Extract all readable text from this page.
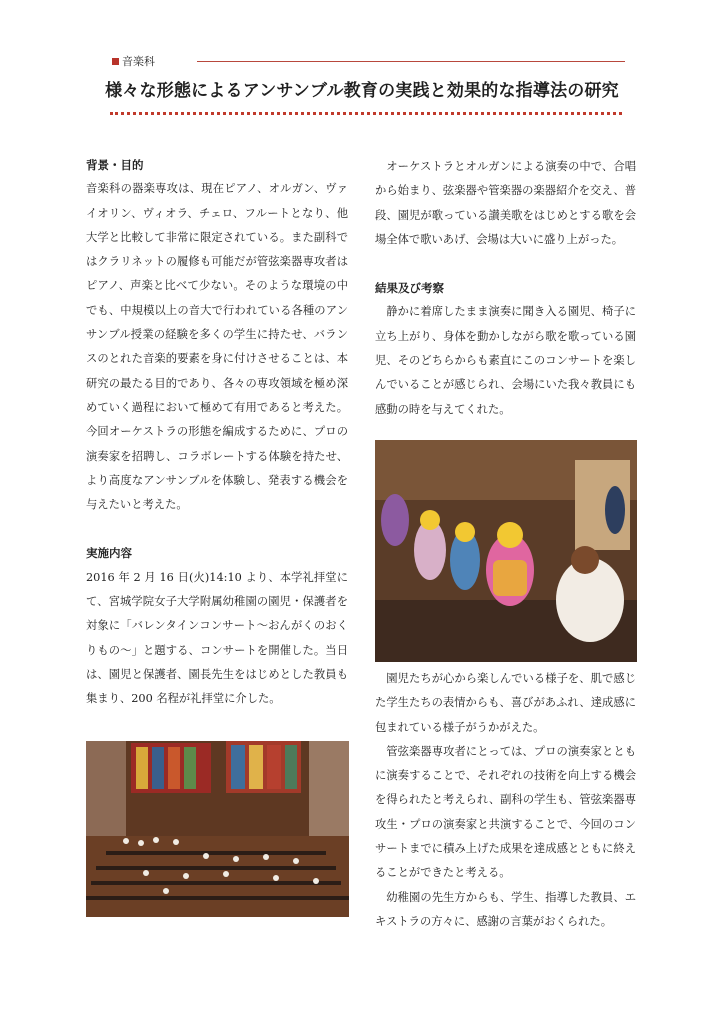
音楽科
様々な形態によるアンサンブル教育の実践と効果的な指導法の研究

背景・目的

音楽科の器楽専攻は、現在ピアノ、オルガン、ヴァイオリン、ヴィオラ、チェロ、フルートとなり、他大学と比較して非常に限定されている。また副科ではクラリネットの履修も可能だが管弦楽器専攻者はピアノ、声楽と比べて少ない。そのような環境の中でも、中規模以上の音大で行われている各種のアンサンブル授業の経験を多くの学生に持たせ、バランスのとれた音楽的要素を身に付けさせることは、本研究の最たる目的であり、各々の専攻領域を極め深めていく過程において極めて有用であると考えた。今回オーケストラの形態を編成するために、プロの演奏家を招聘し、コラボレートする体験を持たせ、より高度なアンサンブルを体験し、発表する機会を与えたいと考えた。

実施内容

2016 年 2 月 16 日(火)14:10 より、本学礼拝堂にて、宮城学院女子大学附属幼稚園の園児・保護者を対象に「バレンタインコンサート～おんがくのおくりもの～」と題する、コンサートを開催した。当日は、園児と保護者、園長先生をはじめとした教員も集まり、200 名程が礼拝堂に介した。

オーケストラとオルガンによる演奏の中で、合唱から始まり、弦楽器や管楽器の楽器紹介を交え、普段、園児が歌っている讃美歌をはじめとする歌を会場全体で歌いあげ、会場は大いに盛り上がった。

結果及び考察

静かに着席したまま演奏に聞き入る園児、椅子に立ち上がり、身体を動かしながら歌を歌っている園児、そのどちらからも素直にこのコンサートを楽しんでいることが感じられ、会場にいた我々教員にも感動の時を与えてくれた。

園児たちが心から楽しんでいる様子を、肌で感じた学生たちの表情からも、喜びがあふれ、達成感に包まれている様子がうかがえた。

管弦楽器専攻者にとっては、プロの演奏家とともに演奏することで、それぞれの技術を向上する機会を得られたと考えられ、副科の学生も、管弦楽器専攻生・プロの演奏家と共演することで、今回のコンサートまでに積み上げた成果を達成感とともに終えることができたと考える。

幼稚園の先生方からも、学生、指導した教員、エキストラの方々に、感謝の言葉がおくられた。
